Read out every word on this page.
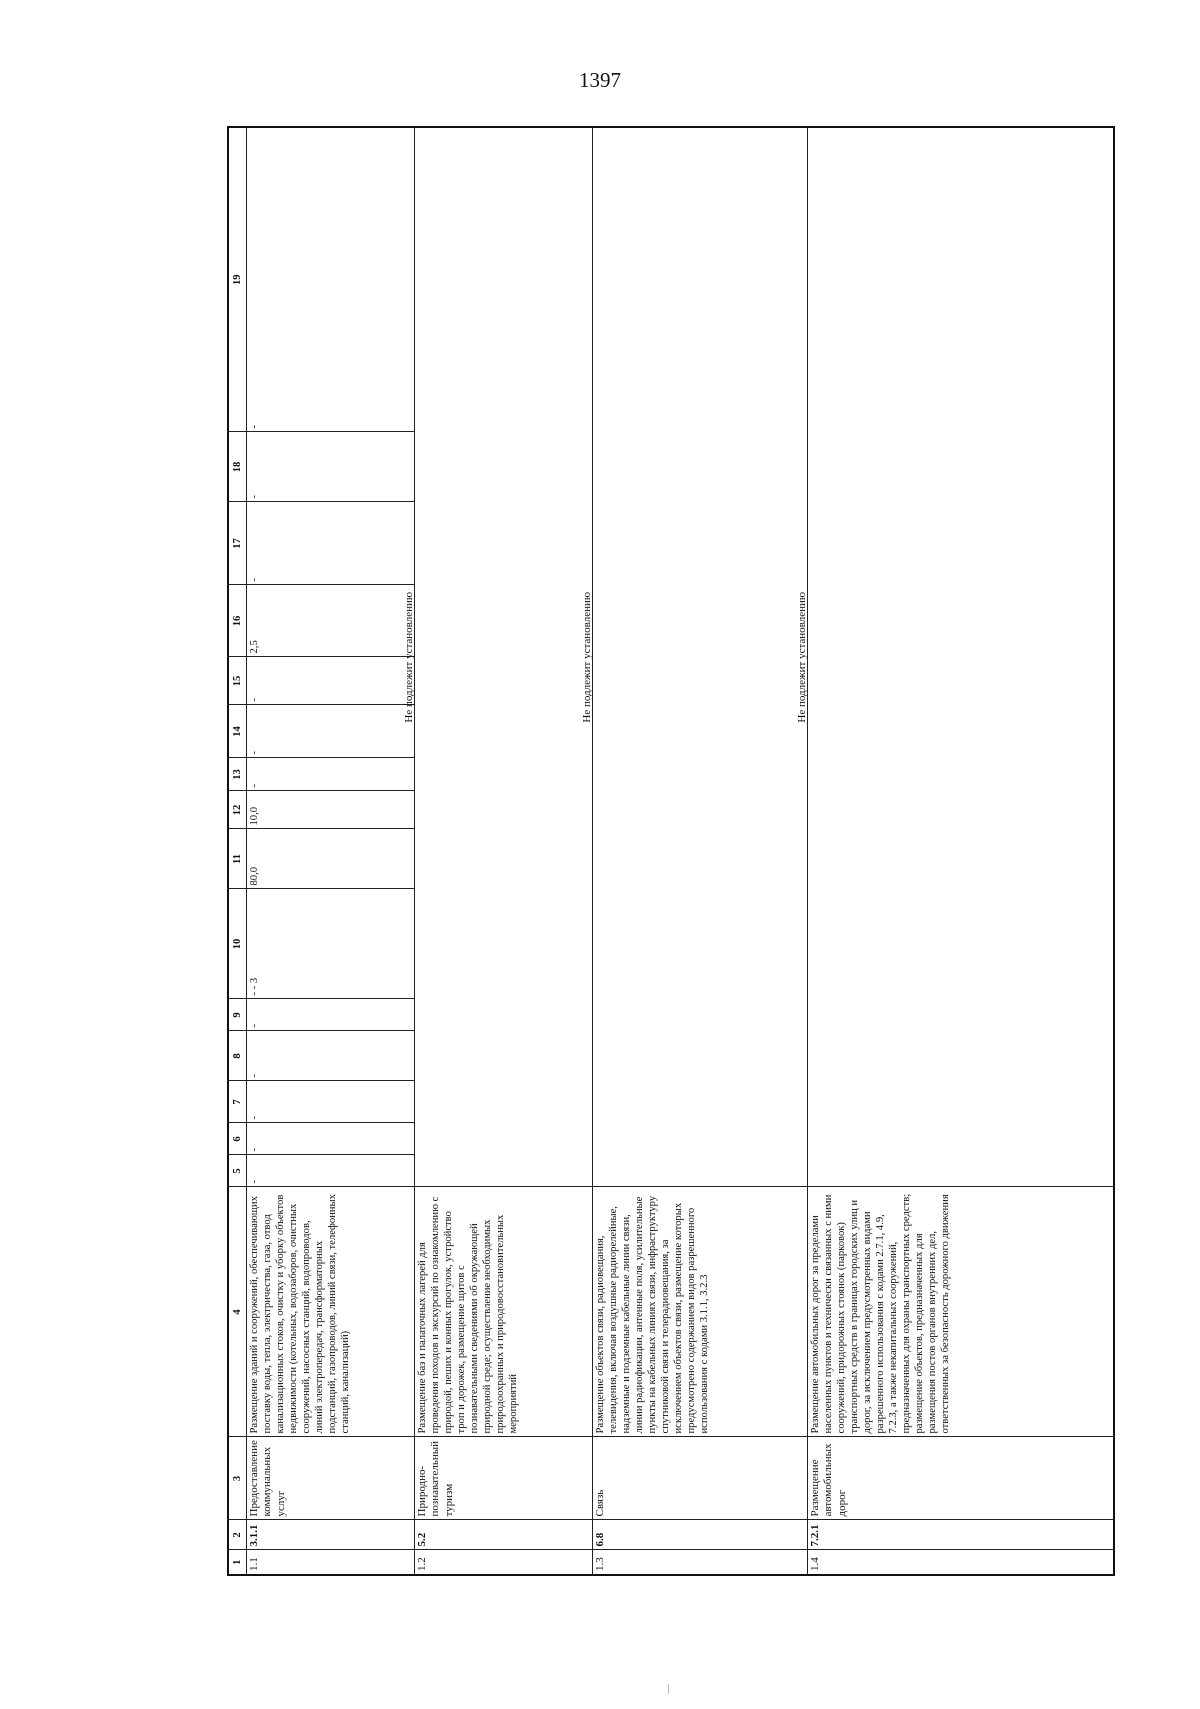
1397
1	2	3	4	5	6	7	8	9	10	11	12	13	14	15	16	17	18	19
1.1	3.1.1	Предоставление коммунальных услуг	Размещение зданий и сооружений, обеспечивающих поставку воды, тепла, электричества, газа, отвод канализационных стоков, очистку и уборку объектов недвижимости (котельных, водозаборов, очистных сооружений, насосных станций, водопроводов, линий электропередач, трансформаторных подстанций, газопроводов, линий связи, телефонных станций, канализаций)	-	-	-	-	-	- - 3	80,0	10,0	-	-	-	2,5	-	-	-
1.2	5.2	Природно-познавательный туризм	Размещение баз и палаточных лагерей для проведения походов и экскурсий по ознакомлению с природой, пеших и конных прогулок, устройство троп и дорожек, размещение щитов с познавательными сведениями об окружающей природной среде; осуществление необходимых природоохранных и природовосстановительных мероприятий	Не подлежит установлению														
1.3	6.8	Связь	Размещение объектов связи, радиовещания, телевидения, включая воздушные радиорелейные, надземные и подземные кабельные линии связи, линии радиофикации, антенные поля, усилительные пункты на кабельных линиях связи, инфраструктуру спутниковой связи и телерадиовещания, за исключением объектов связи, размещение которых предусмотрено содержанием видов разрешенного использования с кодами 3.1.1, 3.2.3	Не подлежит установлению														
1.4	7.2.1	Размещение автомобильных дорог	Размещение автомобильных дорог за пределами населенных пунктов и технически связанных с ними сооружений, придорожных стоянок (парковок) транспортных средств в границах городских улиц и дорог, за исключением предусмотренных видами разрешенного использования с кодами 2.7.1, 4.9, 7.2.3, а также некапитальных сооружений, предназначенных для охраны транспортных средств; размещение объектов, предназначенных для размещения постов органов внутренних дел, ответственных за безопасность дорожного движения	Не подлежит установлению														
